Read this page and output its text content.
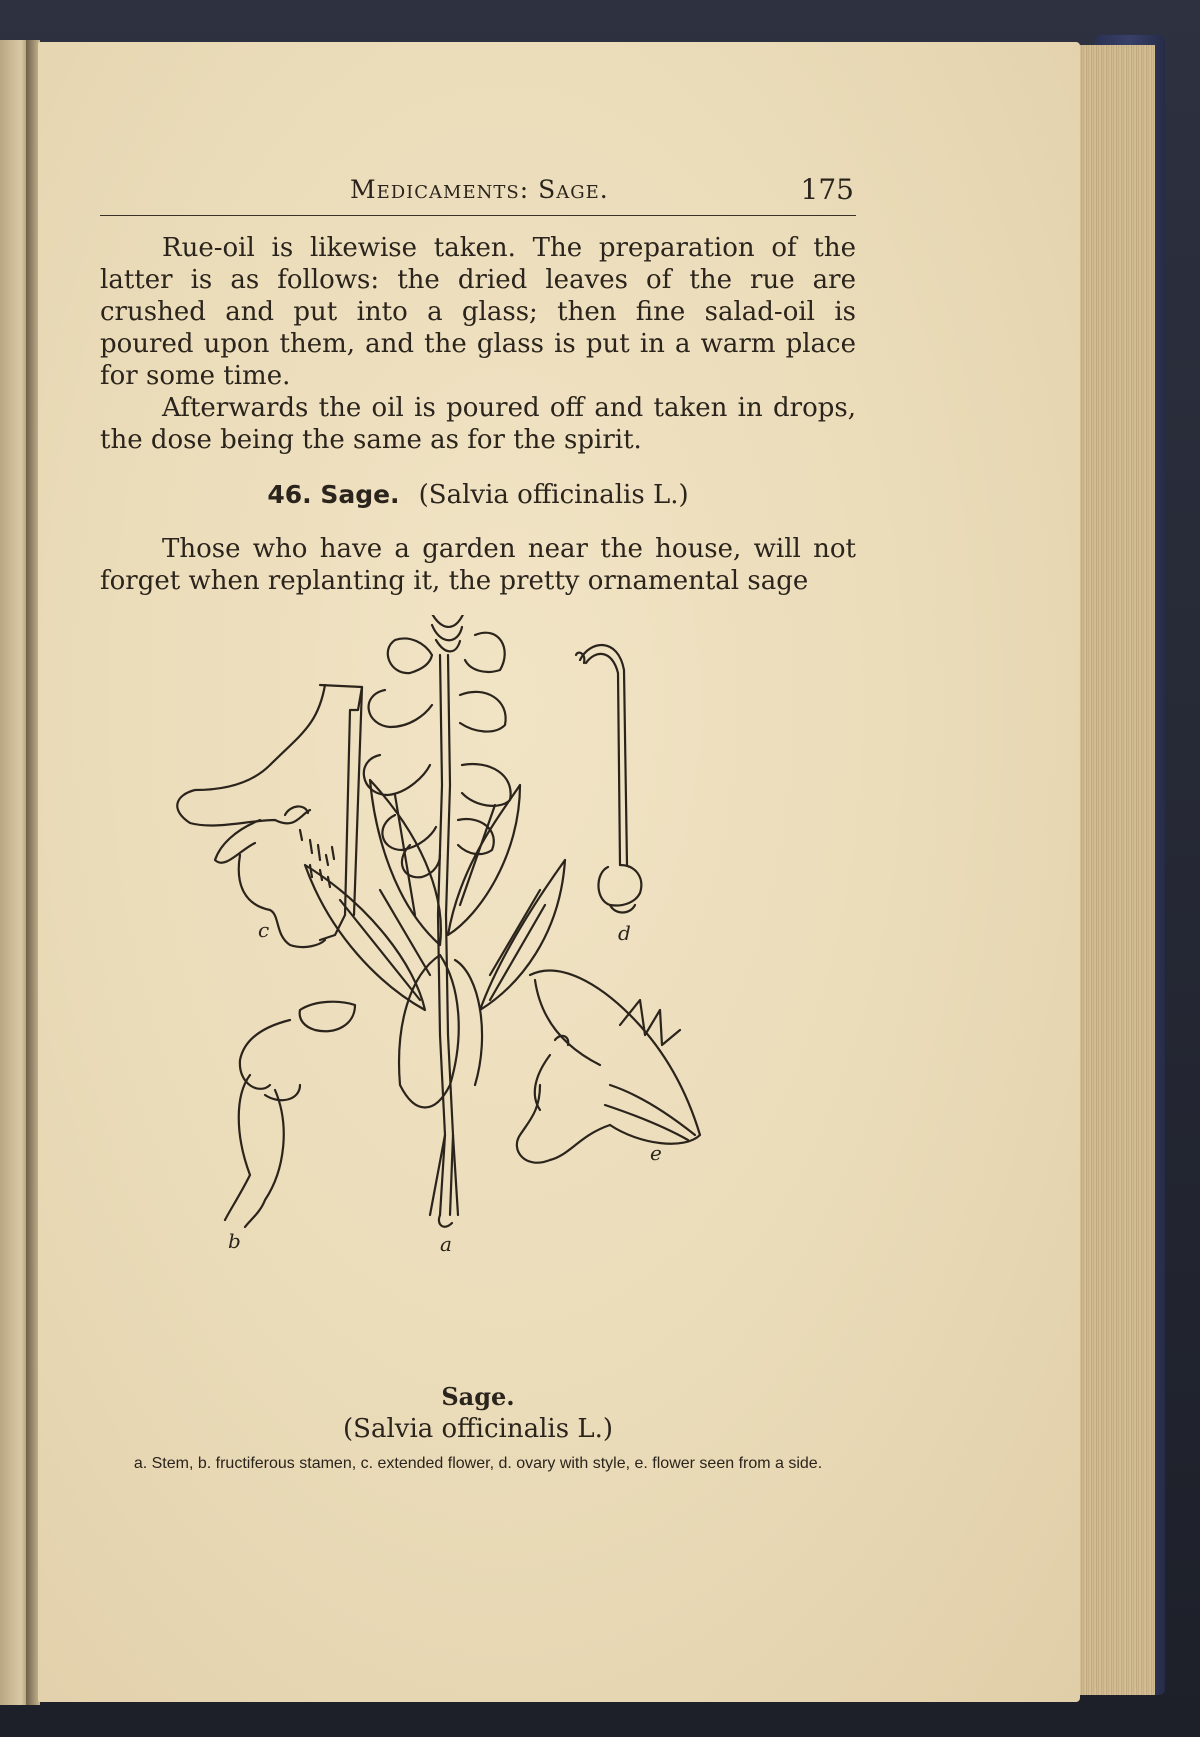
Medicaments: Sage.	175
Rue-oil is likewise taken. The preparation of the latter is as follows: the dried leaves of the rue are crushed and put into a glass; then fine salad-oil is poured upon them, and the glass is put in a warm place for some time.
Afterwards the oil is poured off and taken in drops, the dose being the same as for the spirit.
46. Sage. (Salvia officinalis L.)
Those who have a garden near the house, will not forget when replanting it, the pretty ornamental sage
c	d
b	a
e
Sage.
(Salvia officinalis L.)
a. Stem, b. fructiferous stamen, c. extended flower, d. ovary with style, e. flower seen from a side.
